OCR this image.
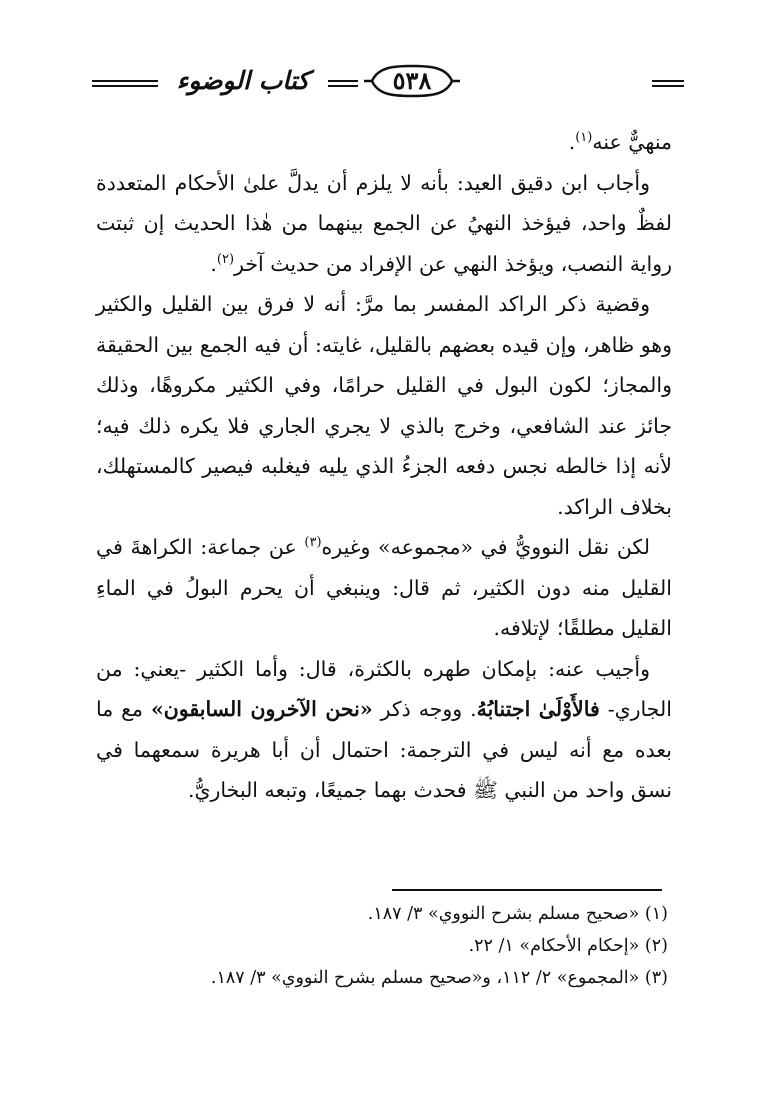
كتاب الوضوء	٥٣٨

منهيٌّ عنه$^{(١)}$.

وأجاب ابن دقيق العيد: بأنه لا يلزم أن يدلَّ علىٰ الأحكام المتعددة لفظٌ واحد، فيؤخذ النهيُ عن الجمع بينهما من هٰذا الحديث إن ثبتت رواية النصب، ويؤخذ النهي عن الإفراد من حديث آخر$^{(٢)}$.

وقضية ذكر الراكد المفسر بما مرَّ: أنه لا فرق بين القليل والكثير وهو ظاهر، وإن قيده بعضهم بالقليل، غايته: أن فيه الجمع بين الحقيقة والمجاز؛ لكون البول في القليل حرامًا، وفي الكثير مكروهًا، وذلك جائز عند الشافعي، وخرج بالذي لا يجري الجاري فلا يكره ذلك فيه؛ لأنه إذا خالطه نجس دفعه الجزءُ الذي يليه فيغلبه فيصير كالمستهلك، بخلاف الراكد.

لكن نقل النوويُّ في «مجموعه» وغيره$^{(٣)}$ عن جماعة: الكراهةَ في القليل منه دون الكثير، ثم قال: وينبغي أن يحرم البولُ في الماءِ القليل مطلقًا؛ لإتلافه.

وأجيب عنه: بإمكان طهره بالكثرة، قال: وأما الكثير -يعني: من الجاري- فالأَوْلَىٰ اجتنابُهُ. ووجه ذكر «نحن الآخرون السابقون» مع ما بعده مع أنه ليس في الترجمة: احتمال أن أبا هريرة سمعهما في نسق واحد من النبي ﷺ فحدث بهما جميعًا، وتبعه البخاريُّ.

(١) «صحيح مسلم بشرح النووي» ٣/ ١٨٧.

(٢) «إحكام الأحكام» ١/ ٢٢.

(٣) «المجموع» ٢/ ١١٢، و«صحيح مسلم بشرح النووي» ٣/ ١٨٧.
